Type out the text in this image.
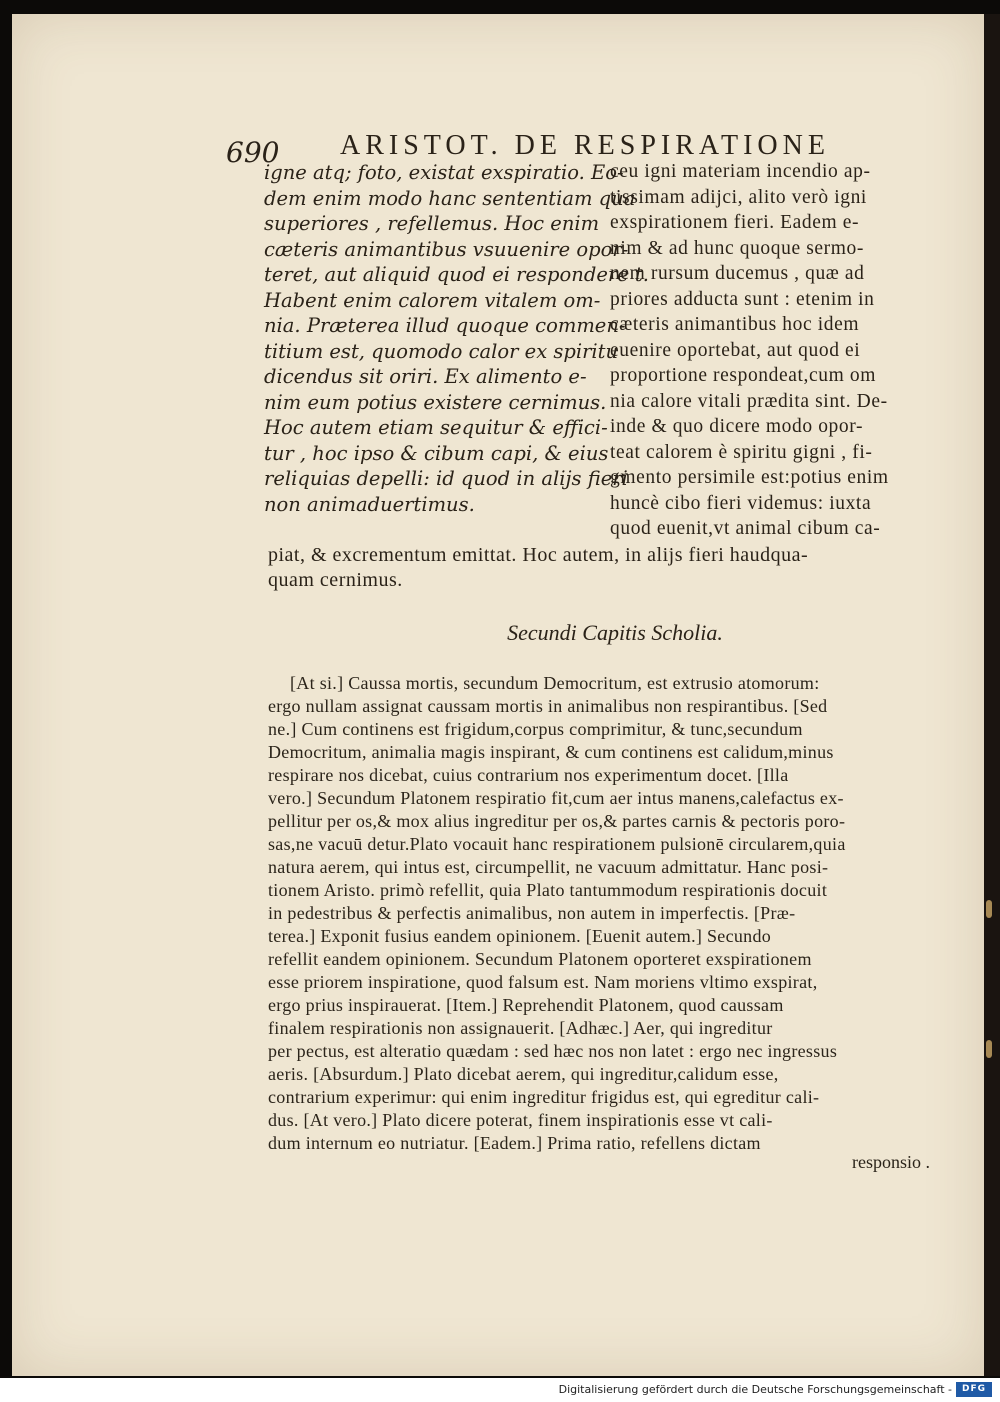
690 ARISTOT. DE RESPIRATIONE
igne atq; foto, existat exspiratio. Eo-
dem enim modo hanc sententiam qua
superiores , refellemus. Hoc enim
cæteris animantibus vsuuenire opor-
teret, aut aliquid quod ei respondere t.
Habent enim calorem vitalem om-
nia. Præterea illud quoque commen-
titium est, quomodo calor ex spiritu
dicendus sit oriri. Ex alimento e-
nim eum potius existere cernimus.
Hoc autem etiam sequitur & effici-
tur , hoc ipso & cibum capi, & eius
reliquias depelli: id quod in alijs fieri
non animaduertimus.
ceu igni materiam incendio ap-
tissimam adijci, alito verò igni
exspirationem fieri. Eadem e-
nim & ad hunc quoque sermo-
nem rursum ducemus , quæ ad
priores adducta sunt : etenim in
cæteris animantibus hoc idem
euenire oportebat, aut quod ei
proportione respondeat,cum om
nia calore vitali prædita sint. De-
inde & quo dicere modo opor-
teat calorem è spiritu gigni , fi-
gmento persimile est:potius enim
huncè cibo fieri videmus: iuxta
quod euenit,vt animal cibum ca-
piat, & excrementum emittat. Hoc autem, in alijs fieri haudqua-
quam cernimus.
Secundi Capitis Scholia.
[At si.] Caussa mortis, secundum Democritum, est extrusio atomorum:
ergo nullam assignat caussam mortis in animalibus non respirantibus. [Sed
ne.] Cum continens est frigidum,corpus comprimitur, & tunc,secundum
Democritum, animalia magis inspirant, & cum continens est calidum,minus
respirare nos dicebat, cuius contrarium nos experimentum docet. [Illa
vero.] Secundum Platonem respiratio fit,cum aer intus manens,calefactus ex-
pellitur per os,& mox alius ingreditur per os,& partes carnis & pectoris poro-
sas,ne vacuū detur.Plato vocauit hanc respirationem pulsionē circularem,quia
natura aerem, qui intus est, circumpellit, ne vacuum admittatur. Hanc posi-
tionem Aristo. primò refellit, quia Plato tantummodum respirationis docuit
in pedestribus & perfectis animalibus, non autem in imperfectis. [Præ-
terea.] Exponit fusius eandem opinionem. [Euenit autem.] Secundo
refellit eandem opinionem. Secundum Platonem oporteret exspirationem
esse priorem inspiratione, quod falsum est. Nam moriens vltimo exspirat,
ergo prius inspirauerat. [Item.] Reprehendit Platonem, quod caussam
finalem respirationis non assignauerit. [Adhæc.] Aer, qui ingreditur
per pectus, est alteratio quædam : sed hæc nos non latet : ergo nec ingressus
aeris. [Absurdum.] Plato dicebat aerem, qui ingreditur,calidum esse,
contrarium experimur: qui enim ingreditur frigidus est, qui egreditur cali-
dus. [At vero.] Plato dicere poterat, finem inspirationis esse vt cali-
dum internum eo nutriatur. [Eadem.] Prima ratio, refellens dictam
responsio .
Digitalisierung gefördert durch die Deutsche Forschungsgemeinschaft -	DFG
